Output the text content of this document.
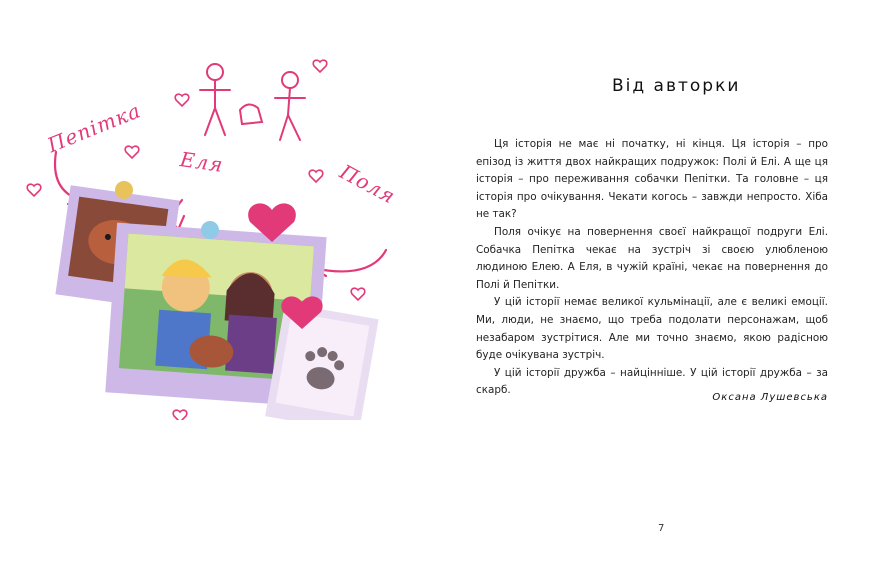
Пепітка
Еля	Поля
Від авторки

Ця історія не має ні початку, ні кінця. Ця історія – про епізод із життя двох найкращих подружок: Полі й Елі. А ще ця історія – про переживання собачки Пепітки. Та головне – ця історія про очікування. Чекати когось – завжди непросто. Хіба не так?

Поля очікує на повернення своєї найкращої подруги Елі. Собачка Пепітка чекає на зустріч зі своєю улюбленою людиною Елею. А Еля, в чужій країні, чекає на повернення до Полі й Пепітки.

У цій історії немає великої кульмінації, але є великі емоції. Ми, люди, не знаємо, що треба подолати персонажам, щоб незабаром зустрітися. Але ми точно знаємо, якою радісною буде очікувана зустріч.

У цій історії дружба – найцінніше. У цій історії дружба – за скарб.

Оксана Лушевська
7
